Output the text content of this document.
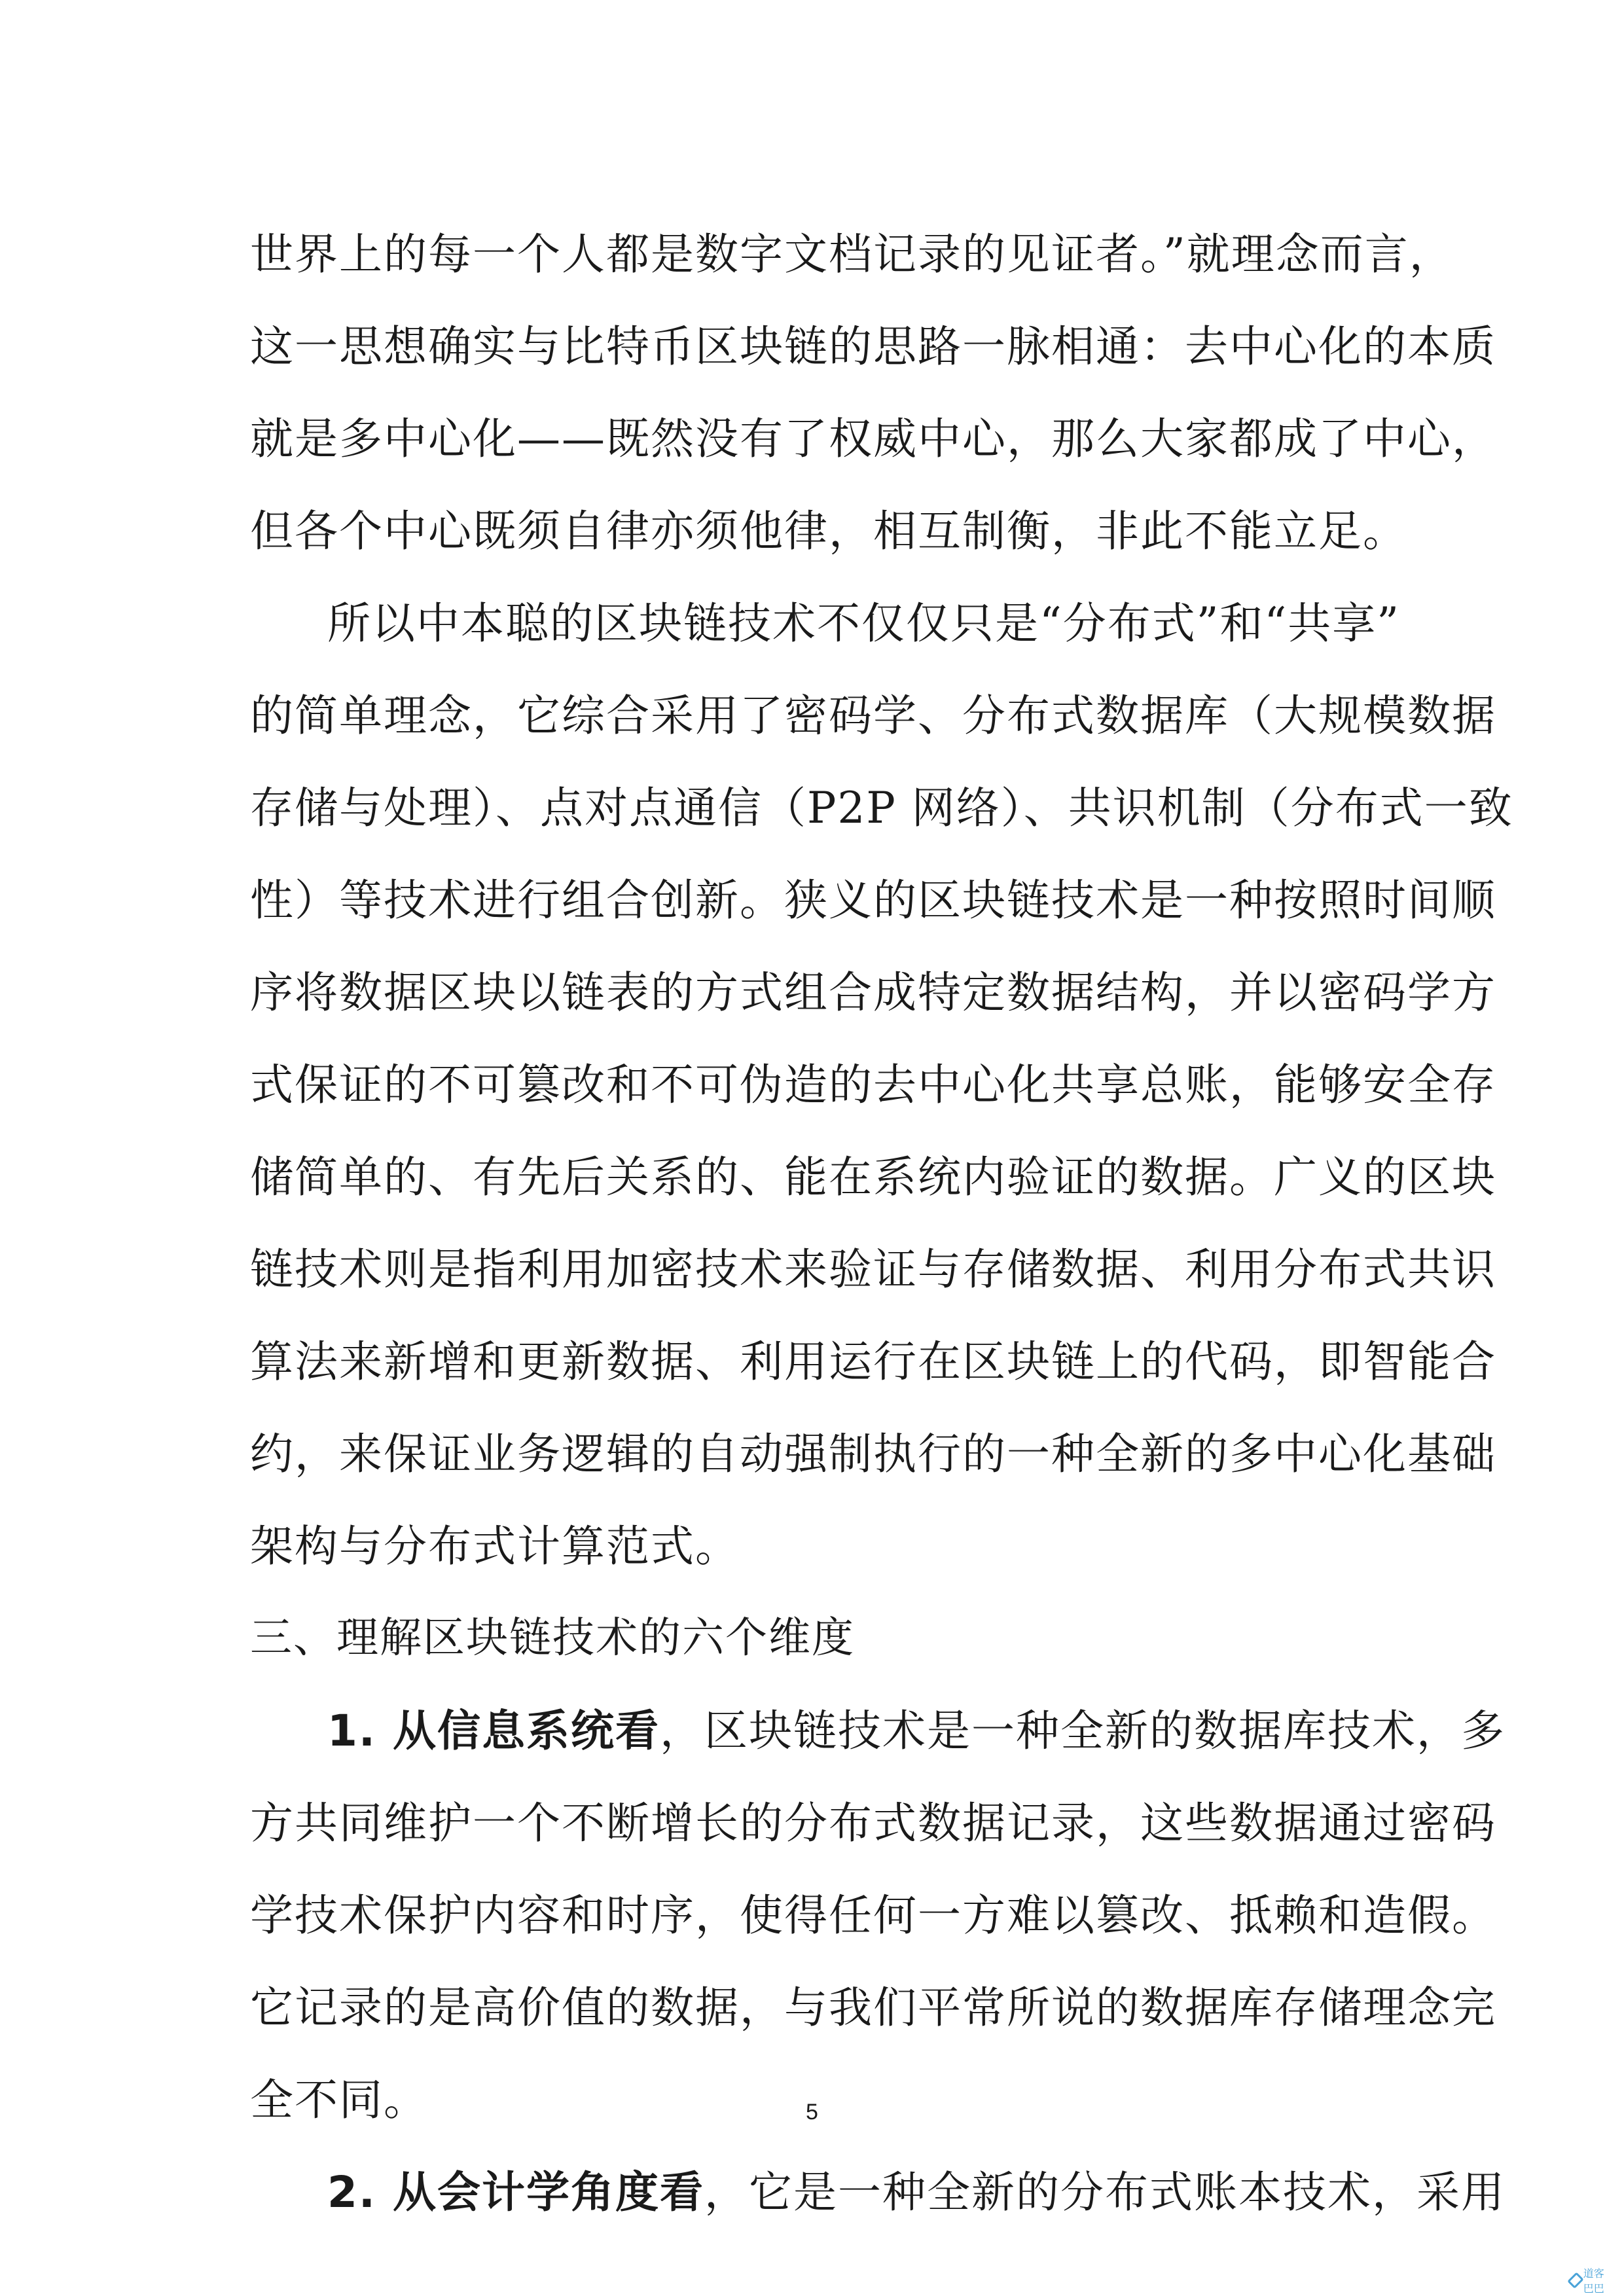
世界上的每一个人都是数字文档记录的见证者。”就理念而言，
这一思想确实与比特币区块链的思路一脉相通：去中心化的本质
就是多中心化——既然没有了权威中心，那么大家都成了中心，
但各个中心既须自律亦须他律，相互制衡，非此不能立足。
所以中本聪的区块链技术不仅仅只是“分布式”和“共享”
的简单理念，它综合采用了密码学、分布式数据库（大规模数据
存储与处理）、点对点通信（P2P 网络）、共识机制（分布式一致
性）等技术进行组合创新。狭义的区块链技术是一种按照时间顺
序将数据区块以链表的方式组合成特定数据结构，并以密码学方
式保证的不可篡改和不可伪造的去中心化共享总账，能够安全存
储简单的、有先后关系的、能在系统内验证的数据。广义的区块
链技术则是指利用加密技术来验证与存储数据、利用分布式共识
算法来新增和更新数据、利用运行在区块链上的代码，即智能合
约，来保证业务逻辑的自动强制执行的一种全新的多中心化基础
架构与分布式计算范式。
三、理解区块链技术的六个维度
1. 从信息系统看，区块链技术是一种全新的数据库技术，多
方共同维护一个不断增长的分布式数据记录，这些数据通过密码
学技术保护内容和时序，使得任何一方难以篡改、抵赖和造假。
它记录的是高价值的数据，与我们平常所说的数据库存储理念完
全不同。
2. 从会计学角度看，它是一种全新的分布式账本技术，采用
5
道客巴巴
